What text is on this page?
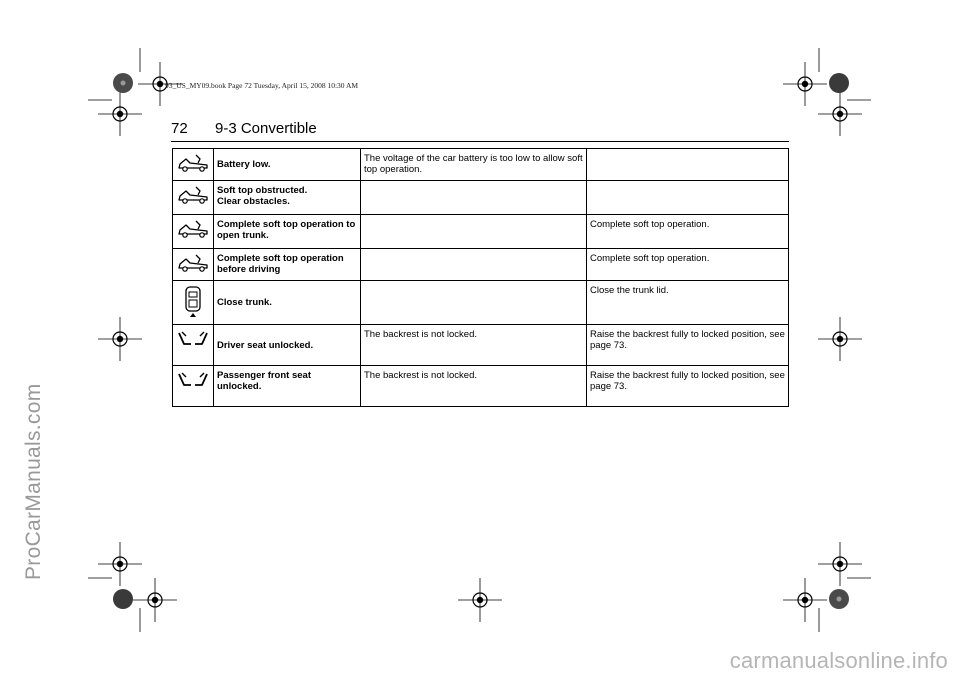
93_US_MY09.book Page 72 Tuesday, April 15, 2008 10:30 AM
72 9-3 Convertible
	Battery low.	The voltage of the car battery is too low to allow soft top operation.	
	Soft top obstructed.
Clear obstacles.		
	Complete soft top operation to open trunk.		Complete soft top operation.
	Complete soft top operation before driving		Complete soft top operation.
	Close trunk.		Close the trunk lid.
	Driver seat unlocked.	The backrest is not locked.	Raise the backrest fully to locked position, see page 73.
	Passenger front seat unlocked.	The backrest is not locked.	Raise the backrest fully to locked position, see page 73.
ProCarManuals.com
carmanualsonline.info
